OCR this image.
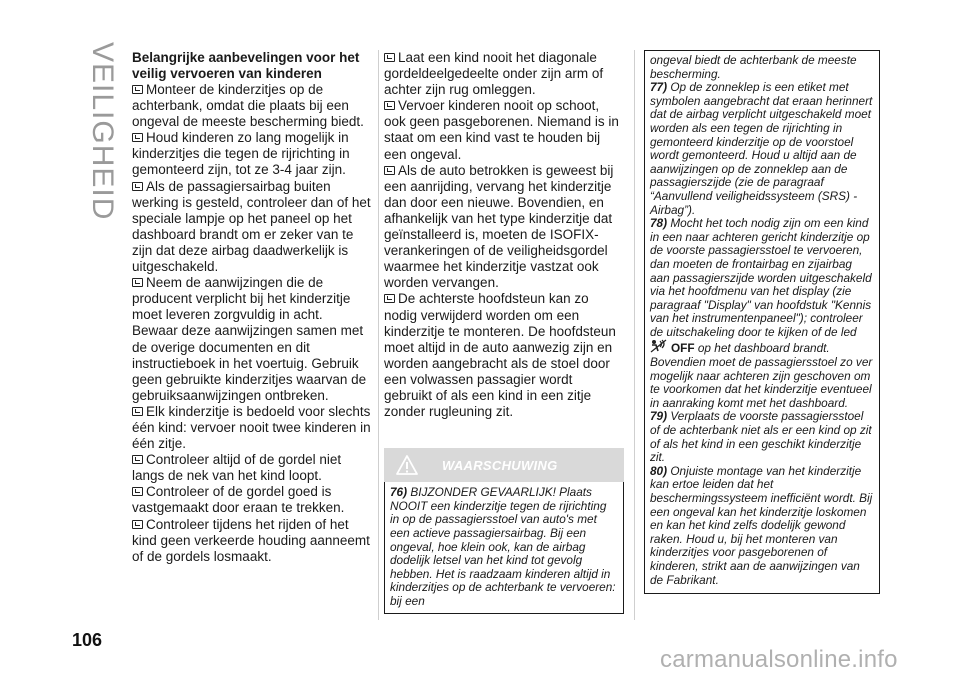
VEILIGHEID Belangrijke aanbevelingen voor het veilig vervoeren van kinderen
Monteer de kinderzitjes op de achterbank, omdat die plaats bij een ongeval de meeste bescherming biedt.
Houd kinderen zo lang mogelijk in kinderzitjes die tegen de rijrichting in gemonteerd zijn, tot ze 3-4 jaar zijn.
Als de passagiersairbag buiten werking is gesteld, controleer dan of het speciale lampje op het paneel op het dashboard brandt om er zeker van te zijn dat deze airbag daadwerkelijk is uitgeschakeld.
Neem de aanwijzingen die de producent verplicht bij het kinderzitje moet leveren zorgvuldig in acht. Bewaar deze aanwijzingen samen met de overige documenten en dit instructieboek in het voertuig. Gebruik geen gebruikte kinderzitjes waarvan de gebruiksaanwijzingen ontbreken.
Elk kinderzitje is bedoeld voor slechts één kind: vervoer nooit twee kinderen in één zitje.
Controleer altijd of de gordel niet langs de nek van het kind loopt.
Controleer of de gordel goed is vastgemaakt door eraan te trekken.
Controleer tijdens het rijden of het kind geen verkeerde houding aanneemt of de gordels losmaakt.
Laat een kind nooit het diagonale gordeldeelgedeelte onder zijn arm of achter zijn rug omleggen.
Vervoer kinderen nooit op schoot, ook geen pasgeborenen. Niemand is in staat om een kind vast te houden bij een ongeval.
Als de auto betrokken is geweest bij een aanrijding, vervang het kinderzitje dan door een nieuwe. Bovendien, en afhankelijk van het type kinderzitje dat geïnstalleerd is, moeten de ISOFIX-verankeringen of de veiligheidsgordel waarmee het kinderzitje vastzat ook worden vervangen.
De achterste hoofdsteun kan zo nodig verwijderd worden om een kinderzitje te monteren. De hoofdsteun moet altijd in de auto aanwezig zijn en worden aangebracht als de stoel door een volwassen passagier wordt gebruikt of als een kind in een zitje zonder rugleuning zit.
WAARSCHUWING
76) BIJZONDER GEVAARLIJK! Plaats NOOIT een kinderzitje tegen de rijrichting in op de passagiersstoel van auto's met een actieve passagiersairbag. Bij een ongeval, hoe klein ook, kan de airbag dodelijk letsel van het kind tot gevolg hebben. Het is raadzaam kinderen altijd in kinderzitjes op de achterbank te vervoeren: bij een
ongeval biedt de achterbank de meeste bescherming.
77) Op de zonneklep is een etiket met symbolen aangebracht dat eraan herinnert dat de airbag verplicht uitgeschakeld moet worden als een tegen de rijrichting in gemonteerd kinderzitje op de voorstoel wordt gemonteerd. Houd u altijd aan de aanwijzingen op de zonneklep aan de passagierszijde (zie de paragraaf “Aanvullend veiligheidssysteem (SRS) - Airbag”).
78) Mocht het toch nodig zijn om een kind in een naar achteren gericht kinderzitje op de voorste passagiersstoel te vervoeren, dan moeten de frontairbag en zijairbag aan passagierszijde worden uitgeschakeld via het hoofdmenu van het display (zie paragraaf "Display" van hoofdstuk "Kennis van het instrumentenpaneel"); controleer de uitschakeling door te kijken of de led
OFF op het dashboard brandt. Bovendien moet de passagiersstoel zo ver mogelijk naar achteren zijn geschoven om te voorkomen dat het kinderzitje eventueel in aanraking komt met het dashboard.
79) Verplaats de voorste passagiersstoel of de achterbank niet als er een kind op zit of als het kind in een geschikt kinderzitje zit.
80) Onjuiste montage van het kinderzitje kan ertoe leiden dat het beschermingssysteem inefficiënt wordt. Bij een ongeval kan het kinderzitje loskomen en kan het kind zelfs dodelijk gewond raken. Houd u, bij het monteren van kinderzitjes voor pasgeborenen of kinderen, strikt aan de aanwijzingen van de Fabrikant.
106
carmanualsonline.info
